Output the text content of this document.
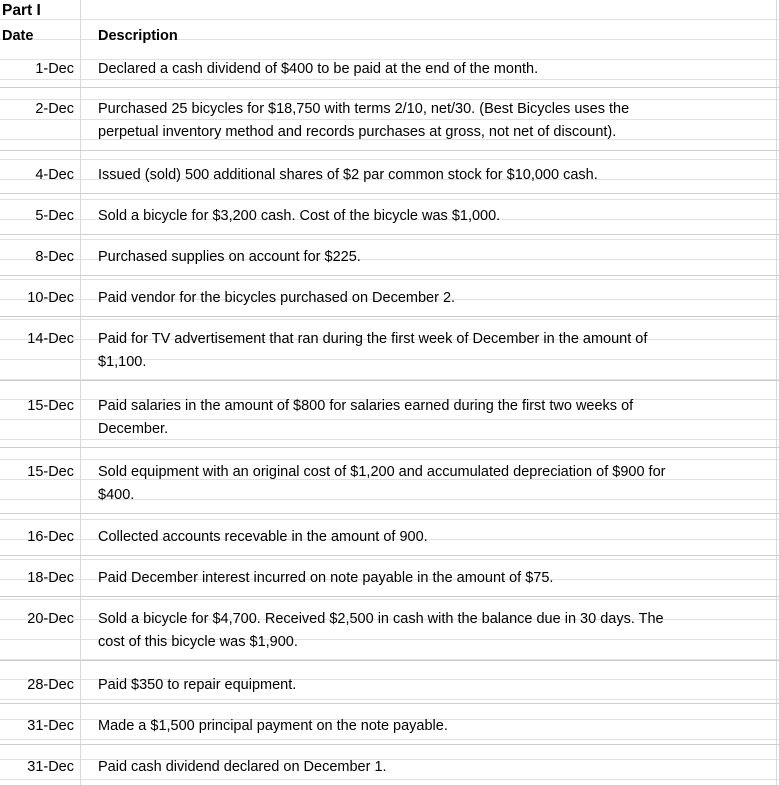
Part I
Date	Description
1-Dec Declared a cash dividend of $400 to be paid at the end of the month.
2-Dec Purchased 25 bicycles for $18,750 with terms 2/10, net/30. (Best Bicycles uses the
perpetual inventory method and records purchases at gross, not net of discount).
4-Dec Issued (sold) 500 additional shares of $2 par common stock for $10,000 cash.
5-Dec Sold a bicycle for $3,200 cash. Cost of the bicycle was $1,000.
8-Dec Purchased supplies on account for $225.
10-Dec Paid vendor for the bicycles purchased on December 2.
14-Dec Paid for TV advertisement that ran during the first week of December in the amount of
$1,100.
15-Dec Paid salaries in the amount of $800 for salaries earned during the first two weeks of
December.
15-Dec Sold equipment with an original cost of $1,200 and accumulated depreciation of $900 for
$400.
16-Dec Collected accounts recevable in the amount of 900.
18-Dec Paid December interest incurred on note payable in the amount of $75.
20-Dec Sold a bicycle for $4,700. Received $2,500 in cash with the balance due in 30 days. The
cost of this bicycle was $1,900.
28-Dec Paid $350 to repair equipment.
31-Dec Made a $1,500 principal payment on the note payable.
31-Dec Paid cash dividend declared on December 1.
